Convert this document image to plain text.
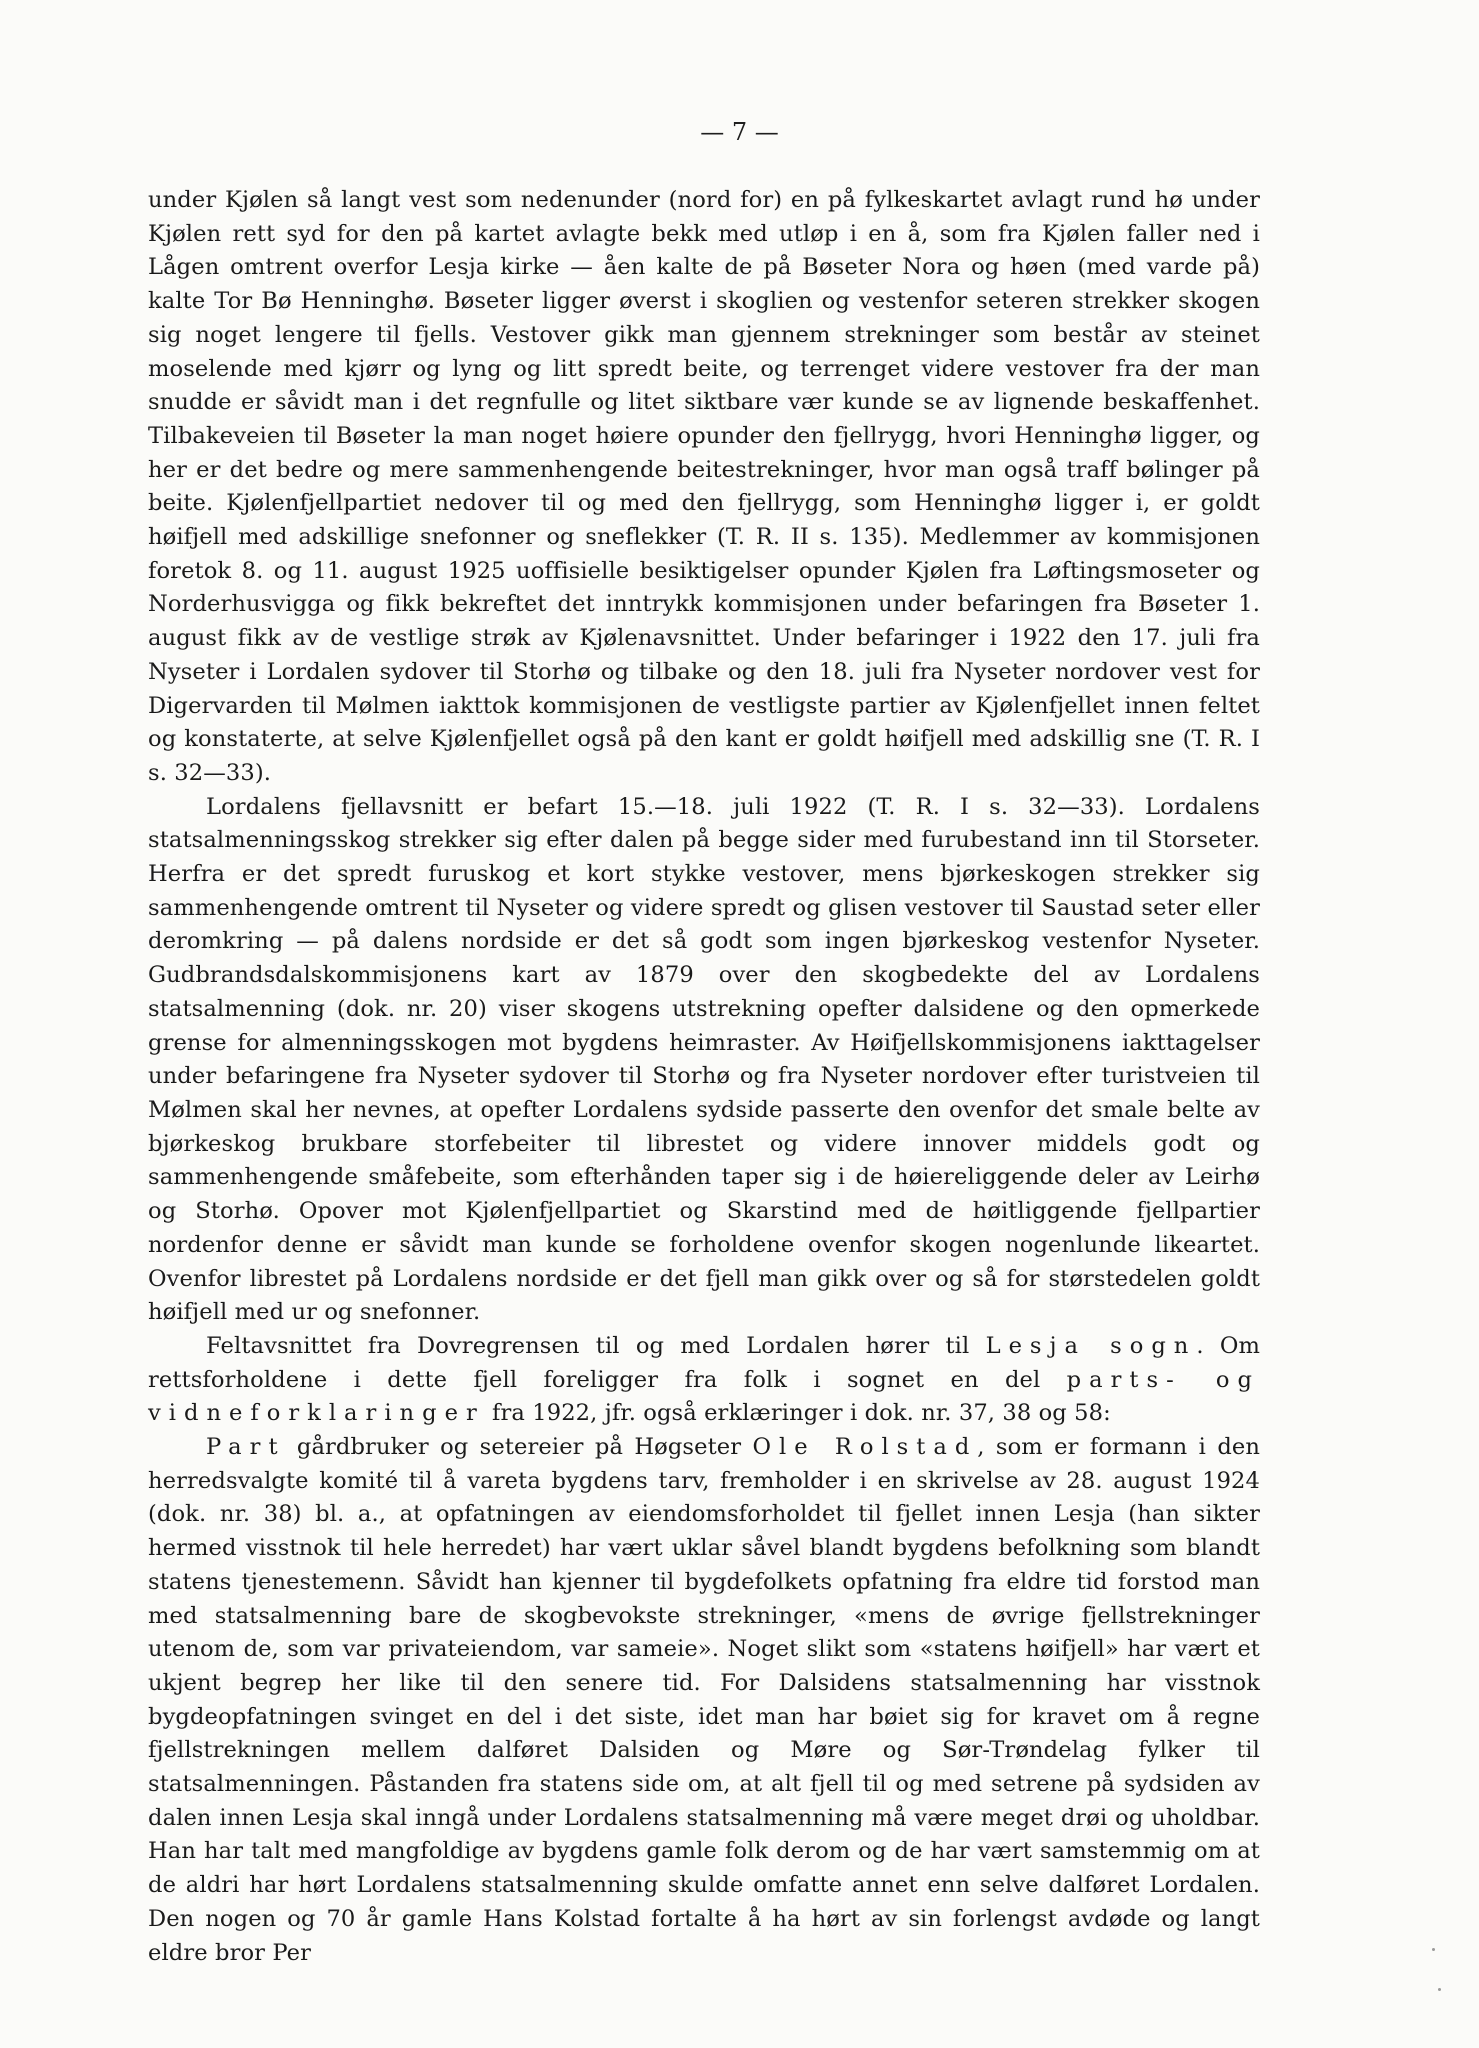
— 7 —

under Kjølen så langt vest som nedenunder (nord for) en på fylkeskartet avlagt rund hø under Kjølen rett syd for den på kartet avlagte bekk med utløp i en å, som fra Kjølen faller ned i Lågen omtrent overfor Lesja kirke — åen kalte de på Bøseter Nora og høen (med varde på) kalte Tor Bø Henninghø. Bøseter ligger øverst i skoglien og vestenfor seteren strekker skogen sig noget lengere til fjells. Vestover gikk man gjennem strekninger som består av steinet moselende med kjørr og lyng og litt spredt beite, og terrenget videre vestover fra der man snudde er såvidt man i det regnfulle og litet siktbare vær kunde se av lignende beskaffenhet. Tilbakeveien til Bøseter la man noget høiere opunder den fjellrygg, hvori Henninghø ligger, og her er det bedre og mere sammenhengende beitestrekninger, hvor man også traff bølinger på beite. Kjølenfjellpartiet nedover til og med den fjellrygg, som Henninghø ligger i, er goldt høifjell med adskillige snefonner og sneflekker (T. R. II s. 135). Medlemmer av kommisjonen foretok 8. og 11. august 1925 uoffisielle besiktigelser opunder Kjølen fra Løftingsmoseter og Norderhusvigga og fikk bekreftet det inntrykk kommisjonen under befaringen fra Bøseter 1. august fikk av de vestlige strøk av Kjølenavsnittet. Under befaringer i 1922 den 17. juli fra Nyseter i Lordalen sydover til Storhø og tilbake og den 18. juli fra Nyseter nordover vest for Digervarden til Mølmen iakttok kommisjonen de vestligste partier av Kjølenfjellet innen feltet og konstaterte, at selve Kjølenfjellet også på den kant er goldt høifjell med adskillig sne (T. R. I s. 32—33).

Lordalens fjellavsnitt er befart 15.—18. juli 1922 (T. R. I s. 32—33). Lordalens statsalmenningsskog strekker sig efter dalen på begge sider med furubestand inn til Storseter. Herfra er det spredt furuskog et kort stykke vestover, mens bjørkeskogen strekker sig sammenhengende omtrent til Nyseter og videre spredt og glisen vestover til Saustad seter eller deromkring — på dalens nordside er det så godt som ingen bjørkeskog vestenfor Nyseter. Gudbrandsdalskommisjonens kart av 1879 over den skogbedekte del av Lordalens statsalmenning (dok. nr. 20) viser skogens utstrekning opefter dalsidene og den opmerkede grense for almenningsskogen mot bygdens heimraster. Av Høifjellskommisjonens iakttagelser under befaringene fra Nyseter sydover til Storhø og fra Nyseter nordover efter turistveien til Mølmen skal her nevnes, at opefter Lordalens sydside passerte den ovenfor det smale belte av bjørkeskog brukbare storfebeiter til librestet og videre innover middels godt og sammenhengende småfebeite, som efterhånden taper sig i de høiereliggende deler av Leirhø og Storhø. Opover mot Kjølenfjellpartiet og Skarstind med de høitliggende fjellpartier nordenfor denne er såvidt man kunde se forholdene ovenfor skogen nogenlunde likeartet. Ovenfor librestet på Lordalens nordside er det fjell man gikk over og så for størstedelen goldt høifjell med ur og snefonner.

Feltavsnittet fra Dovregrensen til og med Lordalen hører til Lesja sogn. Om rettsforholdene i dette fjell foreligger fra folk i sognet en del parts- og vidneforklaringer fra 1922, jfr. også erklæringer i dok. nr. 37, 38 og 58:

Part gårdbruker og setereier på Høgseter Ole Rolstad, som er formann i den herredsvalgte komité til å vareta bygdens tarv, fremholder i en skrivelse av 28. august 1924 (dok. nr. 38) bl. a., at opfatningen av eiendomsforholdet til fjellet innen Lesja (han sikter hermed visstnok til hele herredet) har vært uklar såvel blandt bygdens befolkning som blandt statens tjenestemenn. Såvidt han kjenner til bygdefolkets opfatning fra eldre tid forstod man med statsalmenning bare de skogbevokste strekninger, «mens de øvrige fjellstrekninger utenom de, som var privateiendom, var sameie». Noget slikt som «statens høifjell» har vært et ukjent begrep her like til den senere tid. For Dalsidens statsalmenning har visstnok bygdeopfatningen svinget en del i det siste, idet man har bøiet sig for kravet om å regne fjellstrekningen mellem dalføret Dalsiden og Møre og Sør-Trøndelag fylker til statsalmenningen. Påstanden fra statens side om, at alt fjell til og med setrene på sydsiden av dalen innen Lesja skal inngå under Lordalens statsalmenning må være meget drøi og uholdbar. Han har talt med mangfoldige av bygdens gamle folk derom og de har vært samstemmig om at de aldri har hørt Lordalens statsalmenning skulde omfatte annet enn selve dalføret Lordalen. Den nogen og 70 år gamle Hans Kolstad fortalte å ha hørt av sin forlengst avdøde og langt eldre bror Per
